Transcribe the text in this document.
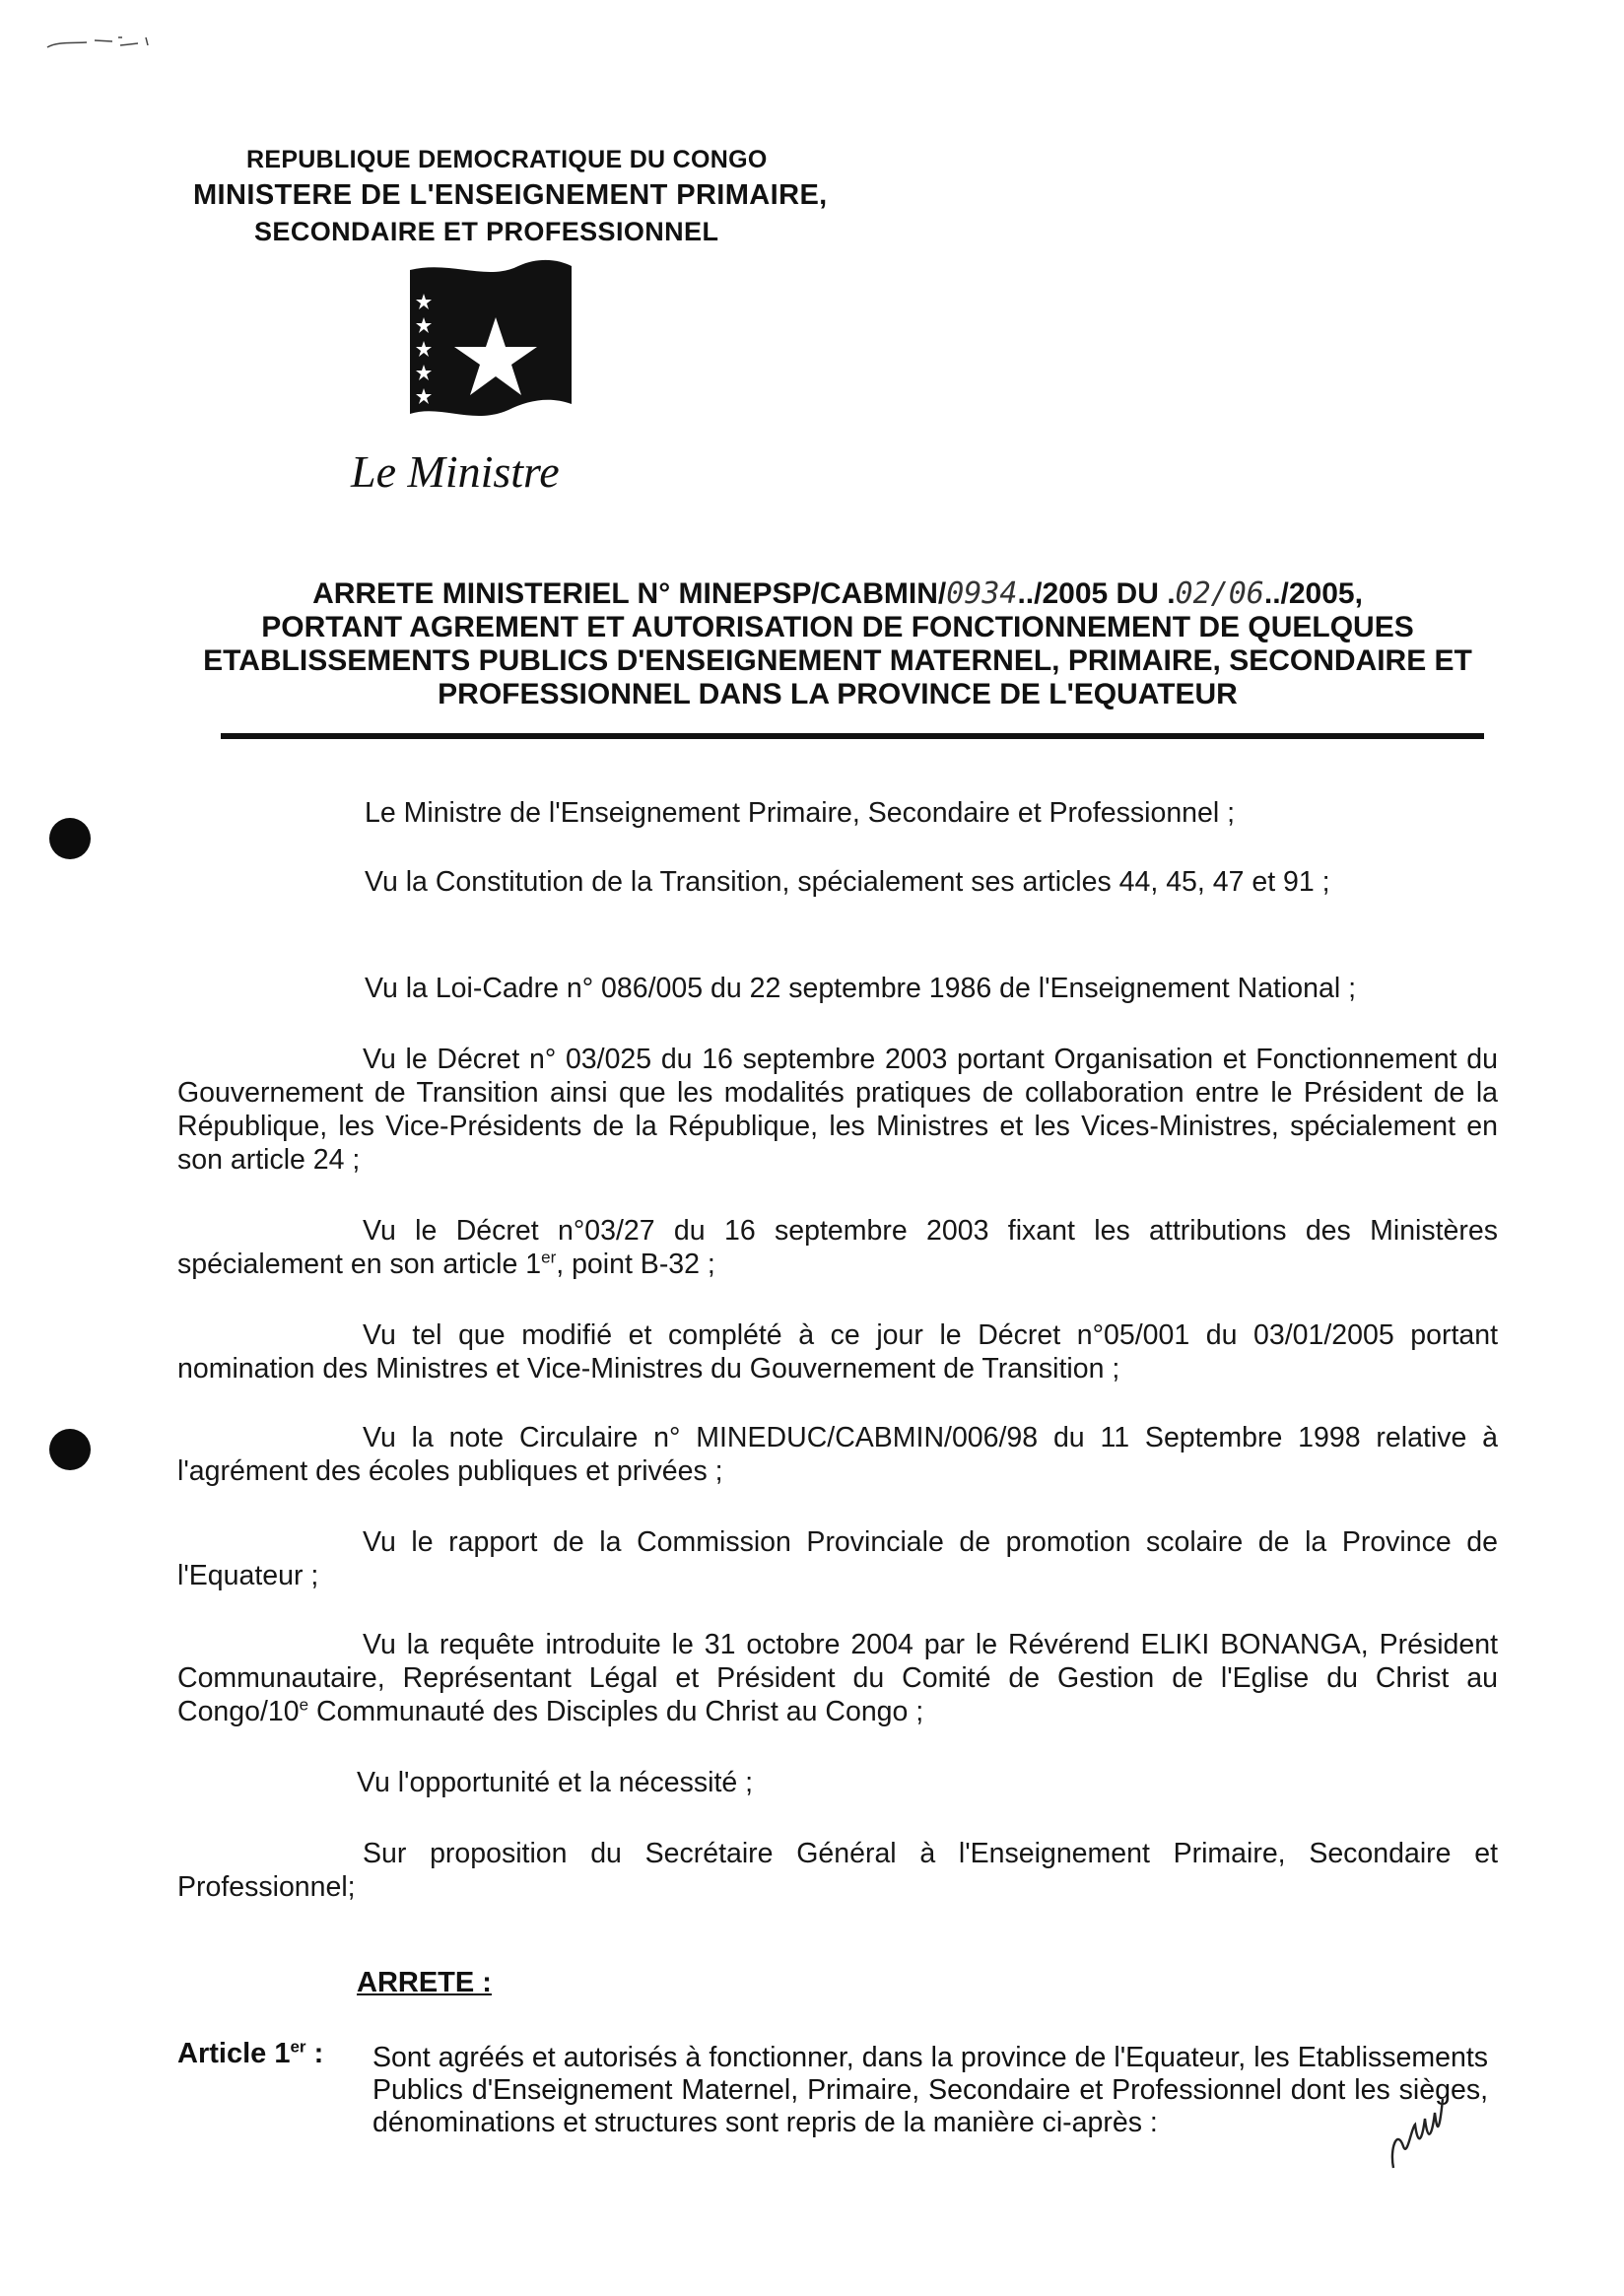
REPUBLIQUE DEMOCRATIQUE DU CONGO
MINISTERE DE L'ENSEIGNEMENT PRIMAIRE,
SECONDAIRE ET PROFESSIONNEL
Le Ministre
ARRETE MINISTERIEL N° MINEPSP/CABMIN/0934../2005 DU .02/06../2005,
PORTANT AGREMENT ET AUTORISATION DE FONCTIONNEMENT DE QUELQUES
ETABLISSEMENTS PUBLICS D'ENSEIGNEMENT MATERNEL, PRIMAIRE, SECONDAIRE ET
PROFESSIONNEL DANS LA PROVINCE DE L'EQUATEUR
Le Ministre de l'Enseignement Primaire, Secondaire et Professionnel ;
Vu la Constitution de la Transition, spécialement ses articles 44, 45, 47 et 91 ;
Vu la Loi-Cadre n° 086/005 du 22 septembre 1986 de l'Enseignement National ;
Vu le Décret n° 03/025 du 16 septembre 2003 portant Organisation et Fonctionnement du Gouvernement de Transition ainsi que les modalités pratiques de collaboration entre le Président de la République, les Vice-Présidents de la République, les Ministres et les Vices-Ministres, spécialement en son article 24 ;
Vu le Décret n°03/27 du 16 septembre 2003 fixant les attributions des Ministères spécialement en son article 1er, point B-32 ;
Vu tel que modifié et complété à ce jour le Décret n°05/001 du 03/01/2005 portant nomination des Ministres et Vice-Ministres du Gouvernement de Transition ;
Vu la note Circulaire n° MINEDUC/CABMIN/006/98 du 11 Septembre 1998 relative à l'agrément des écoles publiques et privées ;
Vu le rapport de la Commission Provinciale de promotion scolaire de la Province de l'Equateur ;
Vu la requête introduite le 31 octobre 2004 par le Révérend ELIKI BONANGA, Président Communautaire, Représentant Légal et Président du Comité de Gestion de l'Eglise du Christ au Congo/10e Communauté des Disciples du Christ au Congo ;
Vu l'opportunité et la nécessité ;
Sur proposition du Secrétaire Général à l'Enseignement Primaire, Secondaire et Professionnel;
ARRETE :
Article 1er : Sont agréés et autorisés à fonctionner, dans la province de l'Equateur, les Etablissements Publics d'Enseignement Maternel, Primaire, Secondaire et Professionnel dont les sièges, dénominations et structures sont repris de la manière ci-après :
